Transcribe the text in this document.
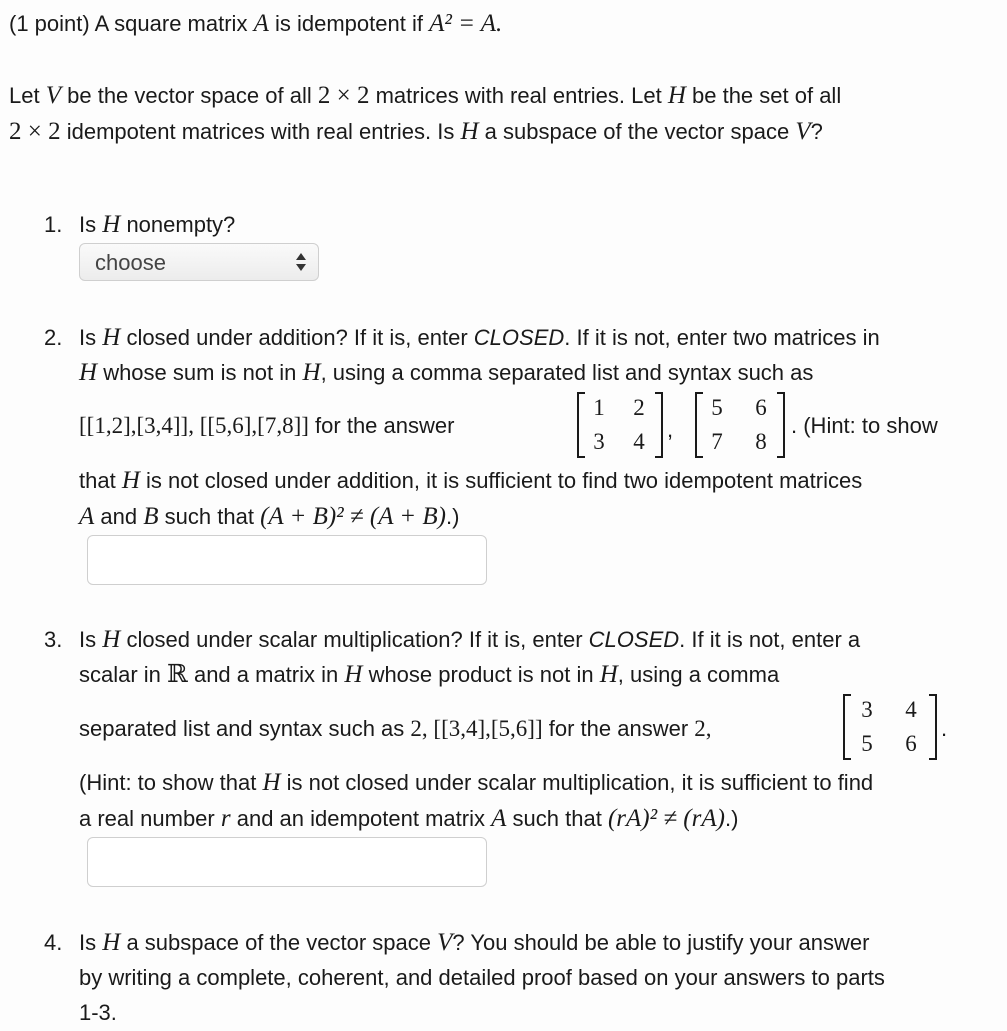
(1 point) A square matrix A is idempotent if A² = A.
Let V be the vector space of all 2 × 2 matrices with real entries. Let H be the set of all
2 × 2 idempotent matrices with real entries. Is H a subspace of the vector space V?
1. Is H nonempty?
choose
2. Is H closed under addition? If it is, enter CLOSED. If it is not, enter two matrices in
H whose sum is not in H, using a comma separated list and syntax such as
[[1,2],[3,4]], [[5,6],[7,8]] for the answer
1 2
3 4 ,
5 6
7 8
. (Hint: to show
that H is not closed under addition, it is sufficient to find two idempotent matrices
A and B such that (A + B)² ≠ (A + B).)
3. Is H closed under scalar multiplication? If it is, enter CLOSED. If it is not, enter a
scalar in ℝ and a matrix in H whose product is not in H, using a comma
separated list and syntax such as 2, [[3,4],[5,6]] for the answer 2,
3 4
5 6
.
(Hint: to show that H is not closed under scalar multiplication, it is sufficient to find
a real number r and an idempotent matrix A such that (rA)² ≠ (rA).)
4. Is H a subspace of the vector space V? You should be able to justify your answer
by writing a complete, coherent, and detailed proof based on your answers to parts
1-3.
